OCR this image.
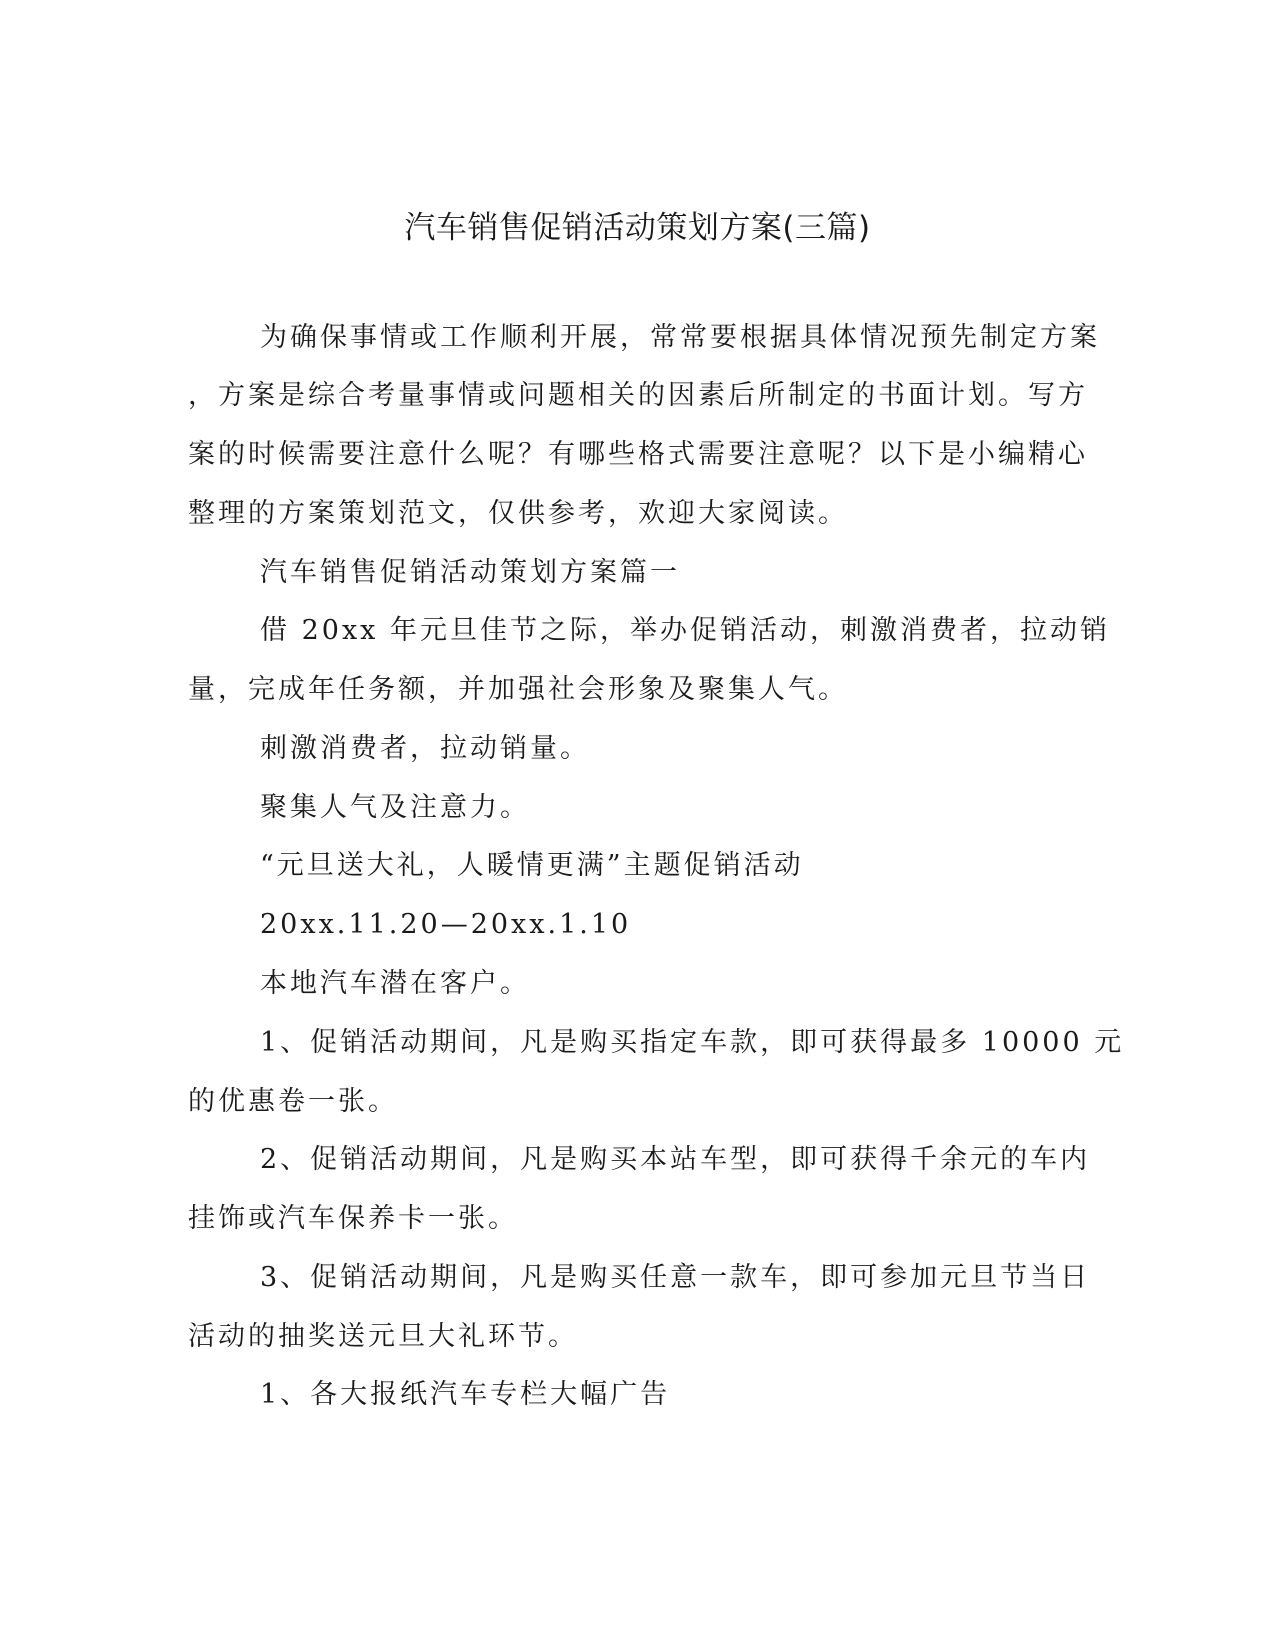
汽车销售促销活动策划方案(三篇)
为确保事情或工作顺利开展，常常要根据具体情况预先制定方案
，方案是综合考量事情或问题相关的因素后所制定的书面计划。写方
案的时候需要注意什么呢？有哪些格式需要注意呢？以下是小编精心
整理的方案策划范文，仅供参考，欢迎大家阅读。
汽车销售促销活动策划方案篇一
借 20xx 年元旦佳节之际，举办促销活动，刺激消费者，拉动销
量，完成年任务额，并加强社会形象及聚集人气。
刺激消费者，拉动销量。
聚集人气及注意力。
“元旦送大礼，人暖情更满”主题促销活动
20xx.11.20—20xx.1.10
本地汽车潜在客户。
1、促销活动期间，凡是购买指定车款，即可获得最多 10000 元
的优惠卷一张。
2、促销活动期间，凡是购买本站车型，即可获得千余元的车内
挂饰或汽车保养卡一张。
3、促销活动期间，凡是购买任意一款车，即可参加元旦节当日
活动的抽奖送元旦大礼环节。
1、各大报纸汽车专栏大幅广告
